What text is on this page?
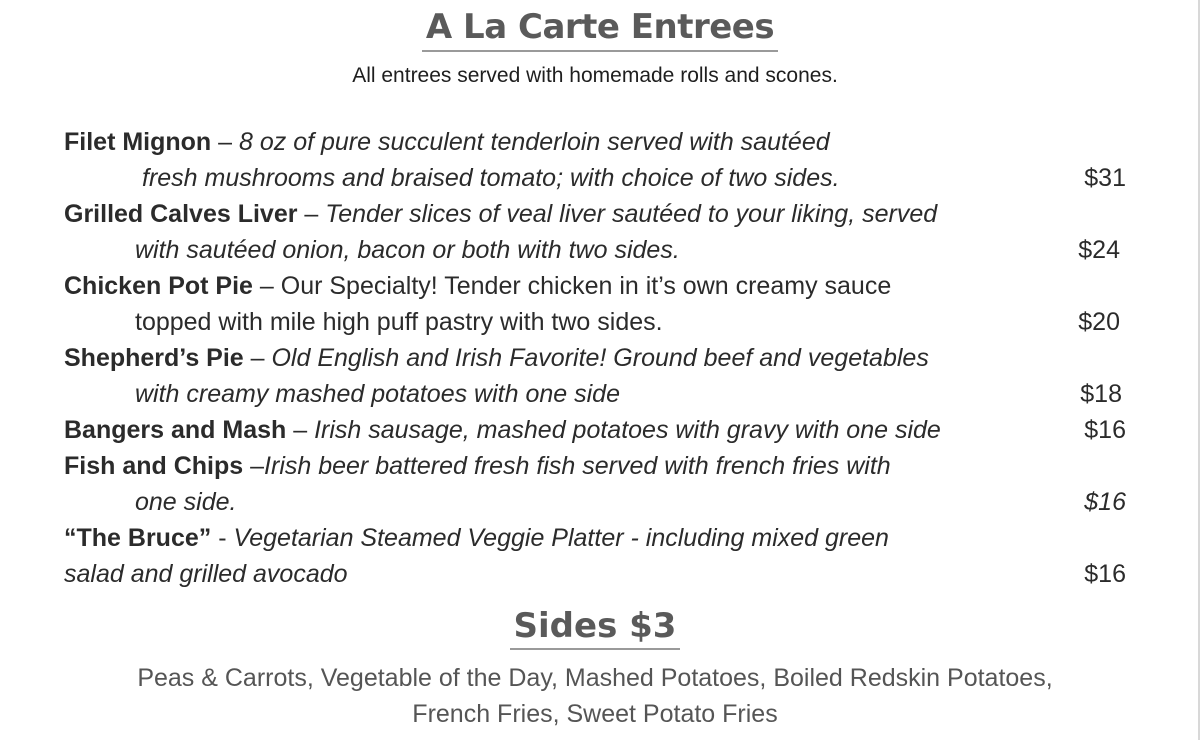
A La Carte Entrees
All entrees served with homemade rolls and scones.
Filet Mignon – 8 oz of pure succulent tenderloin served with sautéed
fresh mushrooms and braised tomato; with choice of two sides.	$31
Grilled Calves Liver – Tender slices of veal liver sautéed to your liking, served
with sautéed onion, bacon or both with two sides.	$24
Chicken Pot Pie – Our Specialty! Tender chicken in it’s own creamy sauce
topped with mile high puff pastry with two sides.	$20
Shepherd’s Pie – Old English and Irish Favorite! Ground beef and vegetables
with creamy mashed potatoes with one side	$18
Bangers and Mash – Irish sausage, mashed potatoes with gravy with one side	$16
Fish and Chips –Irish beer battered fresh fish served with french fries with
one side.	$16
“The Bruce” - Vegetarian Steamed Veggie Platter - including mixed green
salad and grilled avocado	$16
Sides $3
Peas & Carrots, Vegetable of the Day, Mashed Potatoes, Boiled Redskin Potatoes,
French Fries, Sweet Potato Fries
